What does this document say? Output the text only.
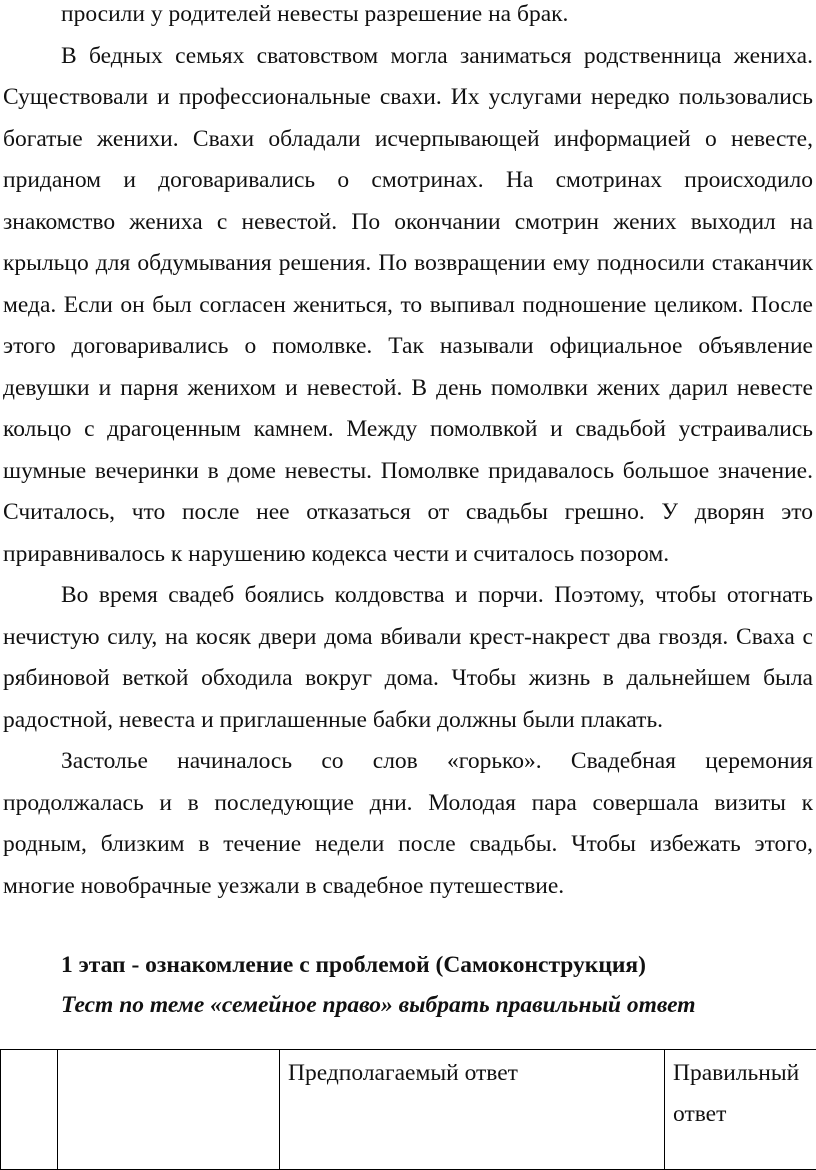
просили у родителей невесты разрешение на брак.

В бедных семьях сватовством могла заниматься родственница жениха. Существовали и профессиональные свахи. Их услугами нередко пользовались богатые женихи. Свахи обладали исчерпывающей информацией о невесте, приданом и договаривались о смотринах. На смотринах происходило знакомство жениха с невестой. По окончании смотрин жених выходил на крыльцо для обдумывания решения. По возвращении ему подносили стаканчик меда. Если он был согласен жениться, то выпивал подношение целиком. После этого договаривались о помолвке. Так называли официальное объявление девушки и парня женихом и невестой. В день помолвки жених дарил невесте кольцо с драгоценным камнем. Между помолвкой и свадьбой устраивались шумные вечеринки в доме невесты. Помолвке придавалось большое значение. Считалось, что после нее отказаться от свадьбы грешно. У дворян это приравнивалось к нарушению кодекса чести и считалось позором.

Во время свадеб боялись колдовства и порчи. Поэтому, чтобы отогнать нечистую силу, на косяк двери дома вбивали крест-накрест два гвоздя. Сваха с рябиновой веткой обходила вокруг дома. Чтобы жизнь в дальнейшем была радостной, невеста и приглашенные бабки должны были плакать.

Застолье начиналось со слов «горько». Свадебная церемония продолжалась и в последующие дни. Молодая пара совершала визиты к родным, близким в течение недели после свадьбы. Чтобы избежать этого, многие новобрачные уезжали в свадебное путешествие.

1 этап - ознакомление с проблемой (Самоконструкция)
Тест по теме «семейное право» выбрать правильный ответ
		Предполагаемый ответ	Правильный ответ
